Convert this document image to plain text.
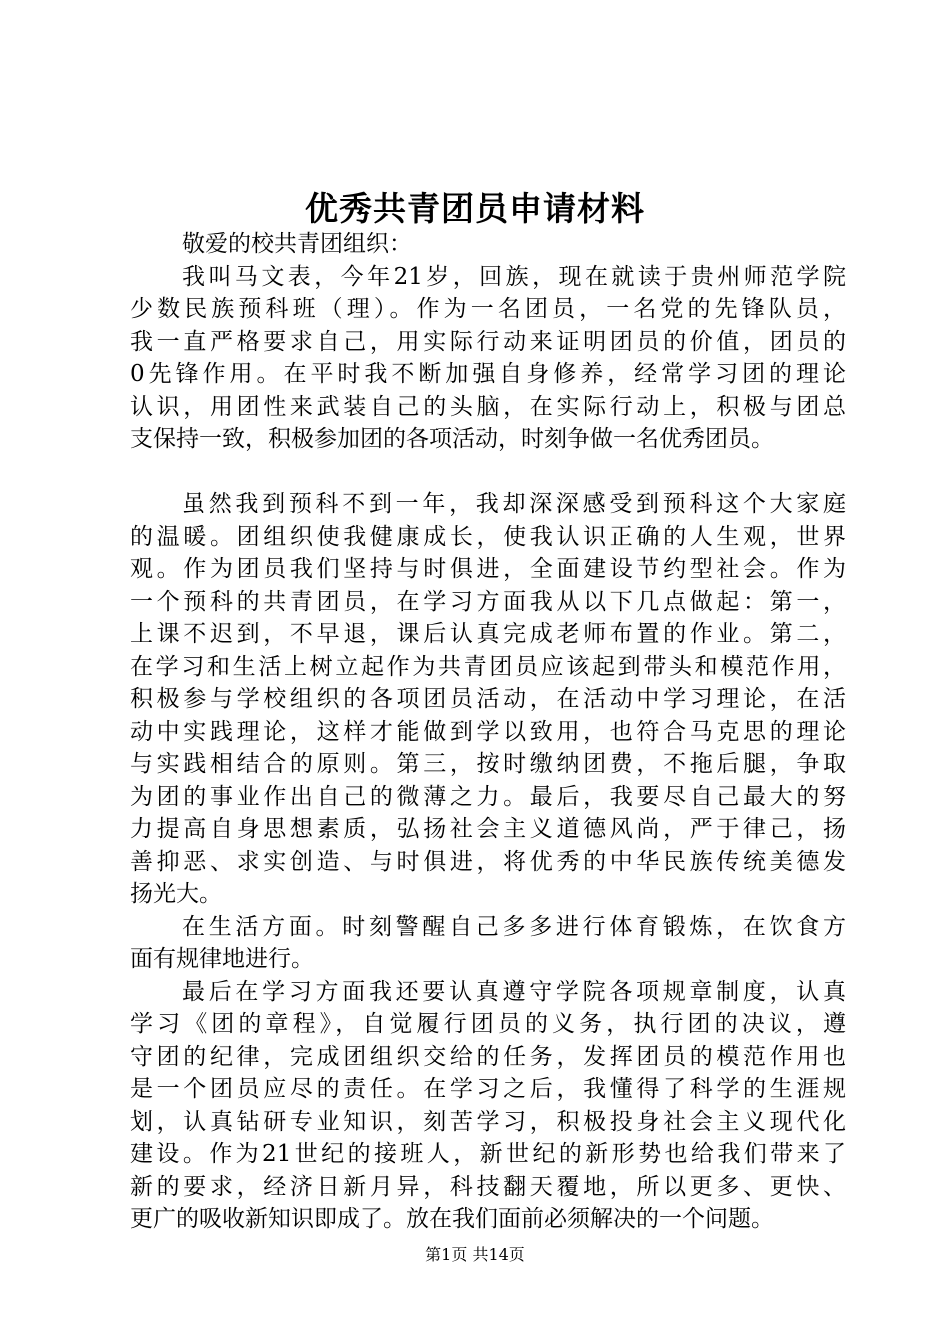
优秀共青团员申请材料
敬爱的校共青团组织：
我叫马文表，今年21岁，回族，现在就读于贵州师范学院
少数民族预科班（理）。作为一名团员，一名党的先锋队员，
我一直严格要求自己，用实际行动来证明团员的价值，团员的
0先锋作用。在平时我不断加强自身修养，经常学习团的理论
认识，用团性来武装自己的头脑，在实际行动上，积极与团总
支保持一致，积极参加团的各项活动，时刻争做一名优秀团员。
虽然我到预科不到一年，我却深深感受到预科这个大家庭
的温暖。团组织使我健康成长，使我认识正确的人生观，世界
观。作为团员我们坚持与时俱进，全面建设节约型社会。作为
一个预科的共青团员，在学习方面我从以下几点做起：第一，
上课不迟到，不早退，课后认真完成老师布置的作业。第二，
在学习和生活上树立起作为共青团员应该起到带头和模范作用，
积极参与学校组织的各项团员活动，在活动中学习理论，在活
动中实践理论，这样才能做到学以致用，也符合马克思的理论
与实践相结合的原则。第三，按时缴纳团费，不拖后腿，争取
为团的事业作出自己的微薄之力。最后，我要尽自己最大的努
力提高自身思想素质，弘扬社会主义道德风尚，严于律己，扬
善抑恶、求实创造、与时俱进，将优秀的中华民族传统美德发
扬光大。
在生活方面。时刻警醒自己多多进行体育锻炼，在饮食方
面有规律地进行。
最后在学习方面我还要认真遵守学院各项规章制度，认真
学习《团的章程》，自觉履行团员的义务，执行团的决议，遵
守团的纪律，完成团组织交给的任务，发挥团员的模范作用也
是一个团员应尽的责任。在学习之后，我懂得了科学的生涯规
划，认真钻研专业知识，刻苦学习，积极投身社会主义现代化
建设。作为21世纪的接班人，新世纪的新形势也给我们带来了
新的要求，经济日新月异，科技翻天覆地，所以更多、更快、
更广的吸收新知识即成了。放在我们面前必须解决的一个问题。
第1页 共14页
